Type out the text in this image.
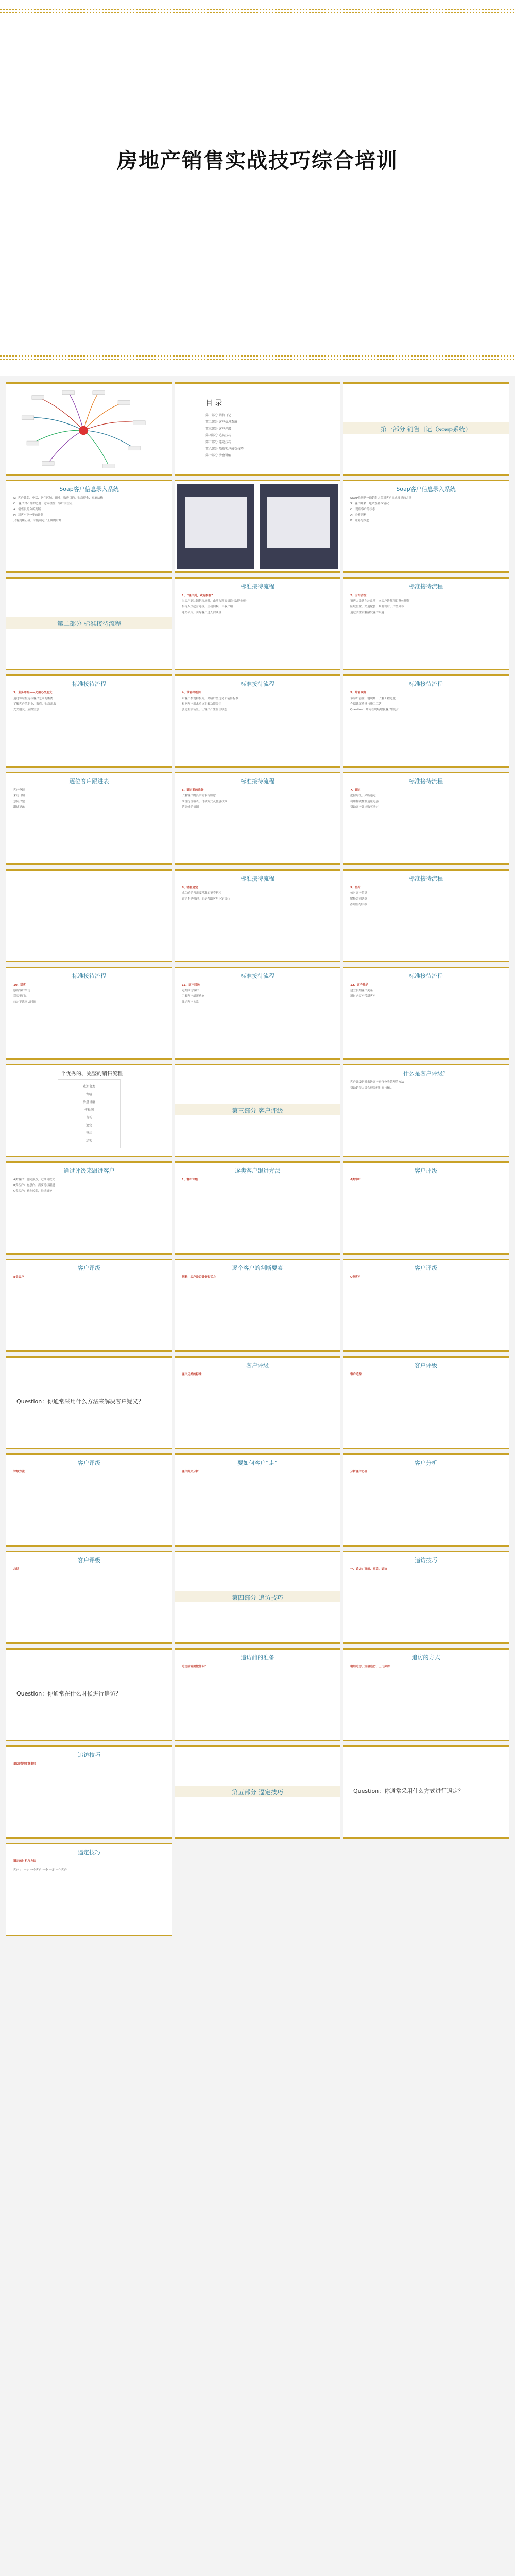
房地产销售实战技巧综合培训
目 录
第一部分 销售日记
第二部分 客户信息系统
第三部分 客户评级
第四部分 追访技巧
第五部分 逼定技巧
第六部分 隔断客户成交技巧
第七部分 沙盘讲解
第一部分 销售日记（soap系统）
Soap客户信息录入系统

S：客户姓名、电话、居住区域、职业、购房目的、购房资金、家庭结构

O：客户对产品的态度、意向楼盘、客户关注点

A：销售员的分析判断

P：对客户下一步的计划

只有判断正确，才能制定出正确的计划

Soap客户信息录入系统

SOAP系统是一线销售人员对客户需求推导的方法

S：客户姓名、电话及基本情况

O：观察客户的状态

A：分析判断

P：计划与跟进

第二部分 标准接待流程
标准接待流程

1、“客户到，欢迎参观”

当客户到达销售现场时，由前台迎宾员说“欢迎参观”

接待人员起身迎接，主动问候，自我介绍

递交名片，引导客户进入洽谈区

标准接待流程

2、介绍沙盘

销售人员站在沙盘前，向客户讲解项目整体规划

区域位置、交通配套、景观设计、户型分布

通过沙盘讲解激发客户兴趣

标准接待流程

3、业务寒暄——先用心交朋友

通过寒暄拉近与客户之间的距离

了解客户的职业、家庭、购房需求

先交朋友，后做生意

标准接待流程

4、带看样板间

带客户参观样板间，介绍户型优势和装修标准

根据客户需求重点讲解功能分区

创造生活场景，让客户产生居住联想

标准接待流程

5、带看现场

带客户前往工地现场，了解工程进度

介绍建筑质量与施工工艺

Question：如何在现场增强客户信心？

逐位客户跟进表

客户登记

来访日期

意向户型

跟进记录

标准接待流程

6、逼定前的准备

了解客户的真实需求与顾虑

准备好价格表、付款方式及优惠政策

营造热销氛围

标准接待流程

7、逼定

把握时机，果断逼定

利用稀缺性制造紧迫感

帮助客户做出购买决定

标准接待流程

8、销售逼定

成功的销售需要精准的节奏把控

逼定不是强迫，而是帮助客户下定决心

标准接待流程

9、签约

核对客户信息

解释合同条款

办理签约手续

标准接待流程

10、送客

感谢客户来访

送客至门口

约定下次回访时间

标准接待流程

11、客户回访

定期回访客户

了解客户最新动态

维护客户关系

标准接待流程

12、客户维护

建立长期客户关系

通过老客户带新客户

一个优秀的、完整的销售流程
欢迎参观
寒暄
沙盘讲解
样板间
现场
逼定
签约
送客
第三部分 客户评级
什么是客户评级？

客户评级是对来访客户进行分类管理的方法

帮助销售人员合理分配时间与精力

通过评级来跟进客户

A类客户：意向强烈，近期可成交

B类客户：有意向，需要持续跟进

C类客户：意向较弱，长期维护

逐类客户跟进方法

1、客户评级

客户评级

A类客户

客户评级

B类客户

逐个客户的判断要素

判断：客户是否具备购买力

客户评级

C类客户

Question：你通常采用什么方法来解决客户疑义？
客户评级

客户分类的标准

客户评级

客户追踪

客户评级

评级方法

要如何客户“走”

客户流失分析

客户分析

分析客户心理

客户评级

总结

第四部分 追访技巧
追访技巧

一、追访：事前、事后、追访

Question：你通常在什么时候进行追访？
追访前的准备

追访前需要做什么？

追访的方式

电话追访、短信追访、上门拜访

追访技巧

追访时的注意事项

第五部分 逼定技巧	Question：你通常采用什么方式进行逼定？
逼定技巧

逼定的时机与方法

客户 ： 一定 一个客户 一个 一定 一个客户
